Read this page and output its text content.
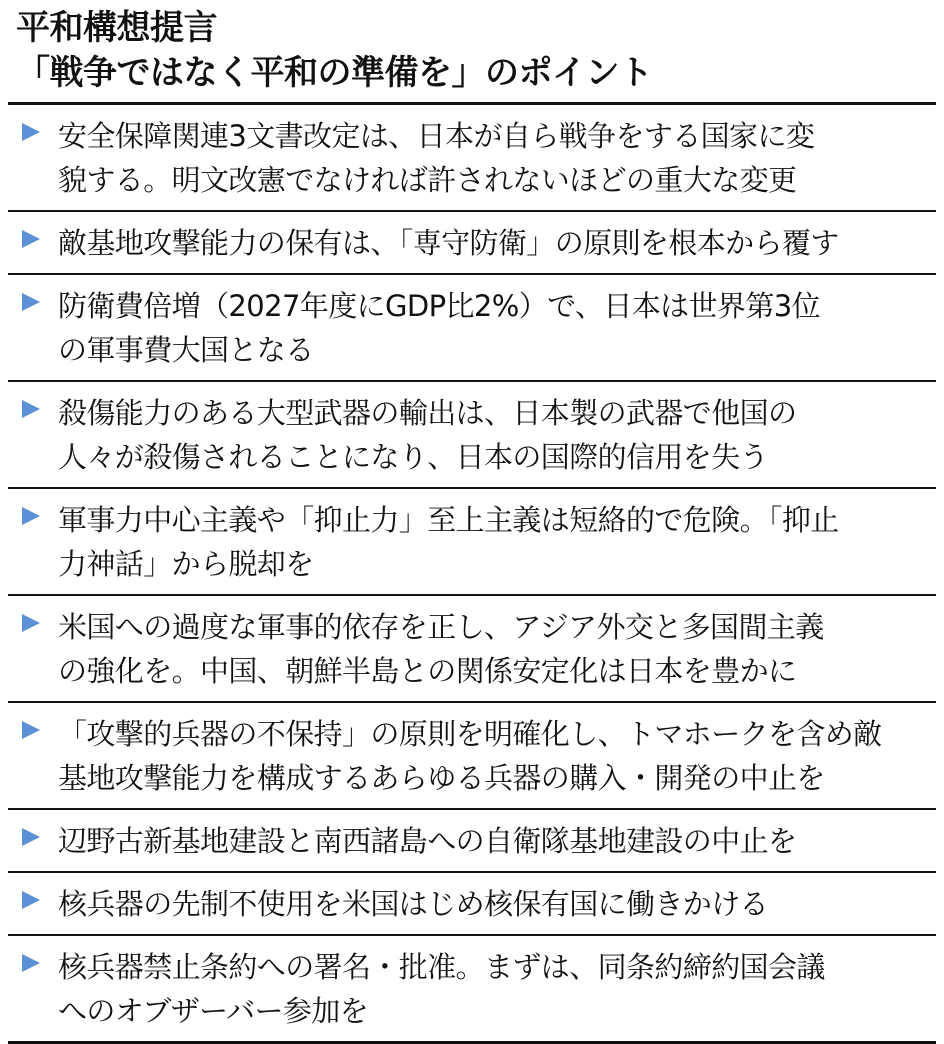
平和構想提言
「戦争ではなく平和の準備を」のポイント
安全保障関連3文書改定は、日本が自ら戦争をする国家に変
貌する。明文改憲でなければ許されないほどの重大な変更
敵基地攻撃能力の保有は、「専守防衛」の原則を根本から覆す
防衛費倍増（2027年度にGDP比2%）で、日本は世界第3位
の軍事費大国となる
殺傷能力のある大型武器の輸出は、日本製の武器で他国の
人々が殺傷されることになり、日本の国際的信用を失う
軍事力中心主義や「抑止力」至上主義は短絡的で危険。「抑止
力神話」から脱却を
米国への過度な軍事的依存を正し、アジア外交と多国間主義
の強化を。中国、朝鮮半島との関係安定化は日本を豊かに
「攻撃的兵器の不保持」の原則を明確化し、トマホークを含め敵
基地攻撃能力を構成するあらゆる兵器の購入・開発の中止を
辺野古新基地建設と南西諸島への自衛隊基地建設の中止を
核兵器の先制不使用を米国はじめ核保有国に働きかける
核兵器禁止条約への署名・批准。まずは、同条約締約国会議
へのオブザーバー参加を
